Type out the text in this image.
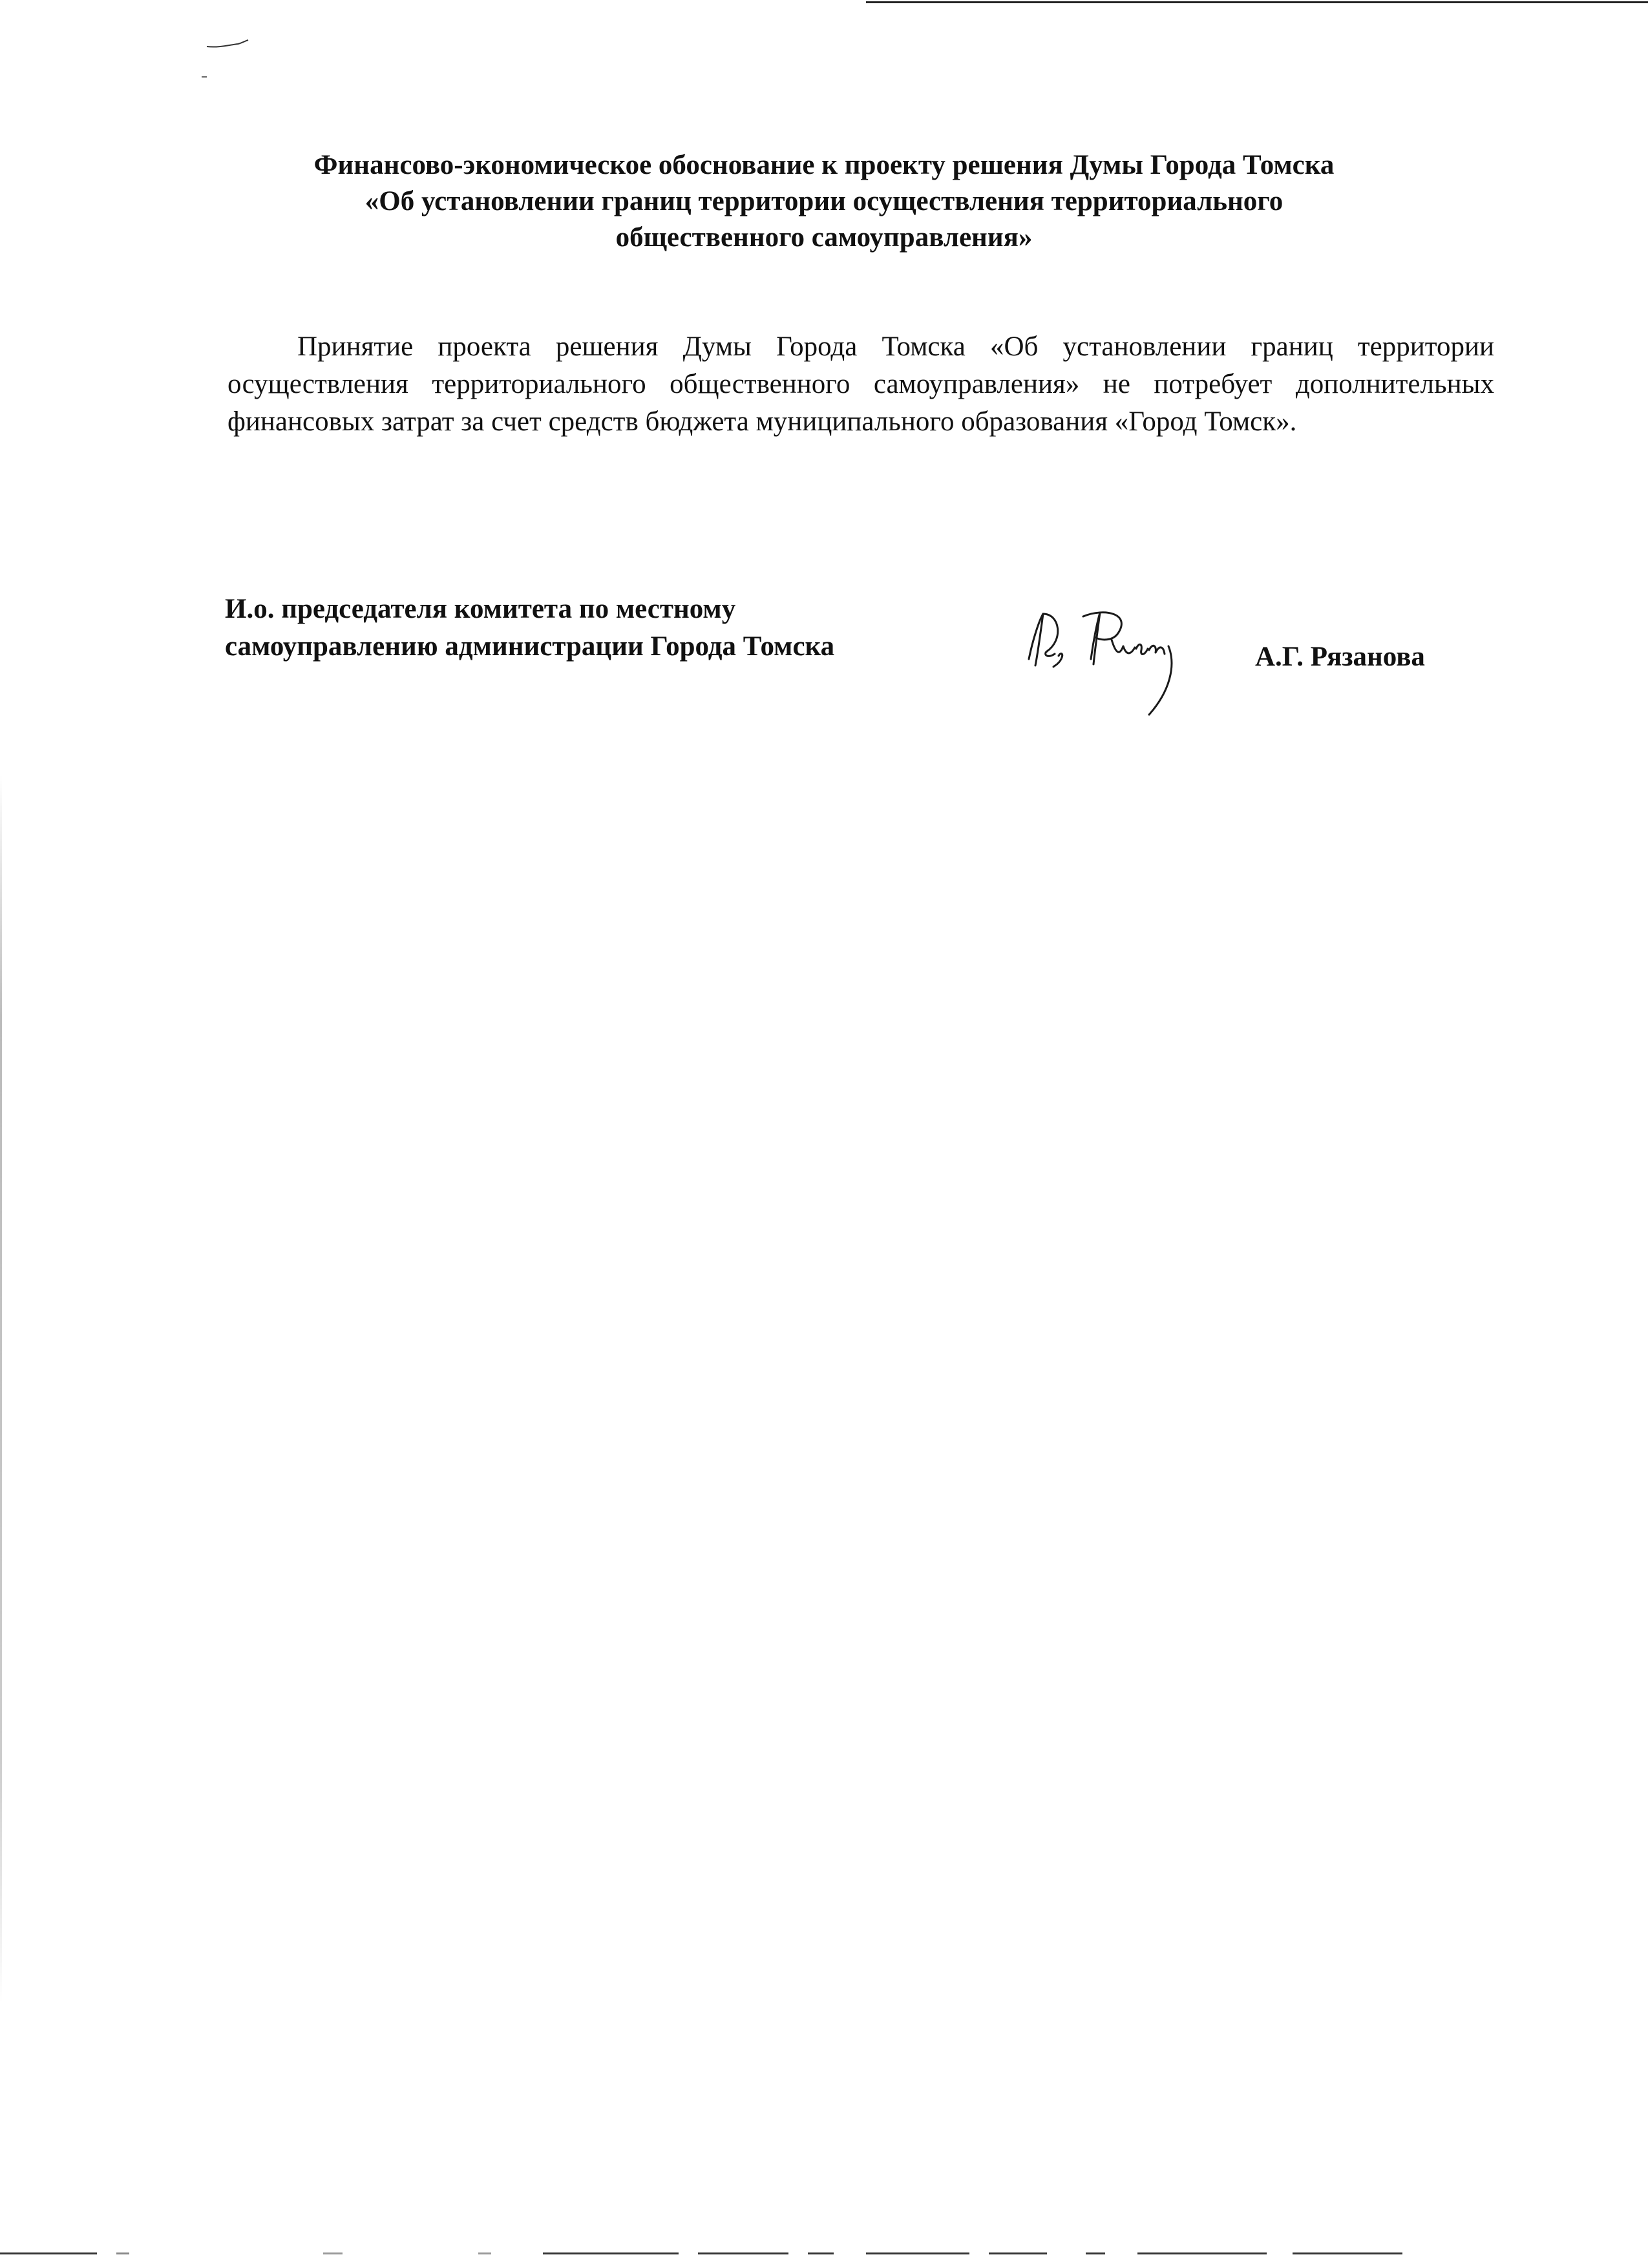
Финансово-экономическое обоснование к проекту решения Думы Города Томска
«Об установлении границ территории осуществления территориального
общественного самоуправления»
Принятие проекта решения Думы Города Томска «Об установлении границ территории осуществления территориального общественного самоуправления» не потребует дополнительных финансовых затрат за счет средств бюджета муниципального образования «Город Томск».
И.о. председателя комитета по местному
самоуправлению администрации Города Томска	А.Г. Рязанова
